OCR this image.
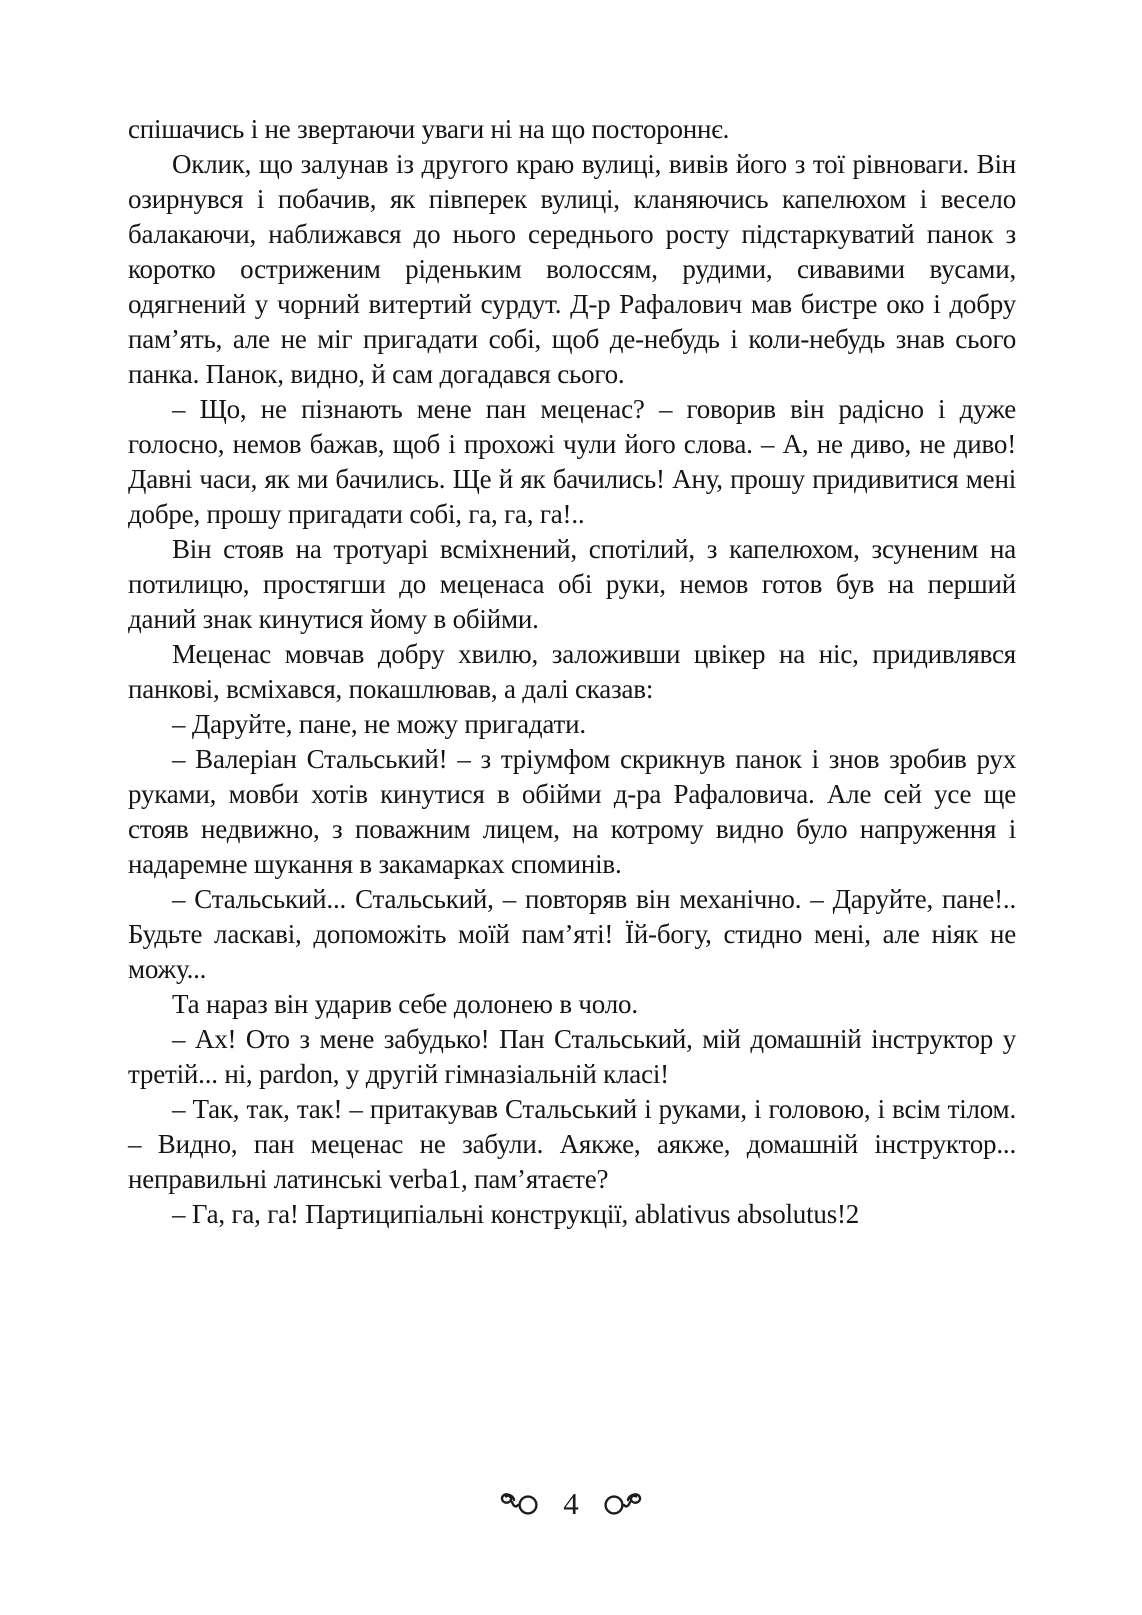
спішачись і не звертаючи уваги ні на що постороннє.

Оклик, що залунав із другого краю вулиці, вивів його з тої рівноваги. Він озирнувся і побачив, як півперек вулиці, кланяючись капелюхом і весело балакаючи, наближався до нього середнього росту підстаркуватий панок з коротко остриженим ріденьким волоссям, рудими, сивавими вусами, одягнений у чорний витертий сурдут. Д-р Рафалович мав бистре око і добру пам’ять, але не міг пригадати собі, щоб де-небудь і коли-небудь знав сього панка. Панок, видно, й сам догадався сього.

– Що, не пізнають мене пан меценас? – говорив він радісно і дуже голосно, немов бажав, щоб і прохожі чули його слова. – А, не диво, не диво! Давні часи, як ми бачились. Ще й як бачились! Ану, прошу придивитися мені добре, прошу пригадати собі, га, га, га!..

Він стояв на тротуарі всміхнений, спотілий, з капелюхом, зсуненим на потилицю, простягши до меценаса обі руки, немов готов був на перший даний знак кинутися йому в обійми.

Меценас мовчав добру хвилю, заложивши цвікер на ніс, придивлявся панкові, всміхався, покашлював, а далі сказав:

– Даруйте, пане, не можу пригадати.

– Валеріан Стальський! – з тріумфом скрикнув панок і знов зробив рух руками, мовби хотів кинутися в обійми д-ра Рафаловича. Але сей усе ще стояв недвижно, з поважним лицем, на котрому видно було напруження і надаремне шукання в закамарках споминів.

– Стальський... Стальський, – повторяв він механічно. – Даруйте, пане!.. Будьте ласкаві, допоможіть моїй пам’яті! Їй-богу, стидно мені, але ніяк не можу...

Та нараз він ударив себе долонею в чоло.

– Ах! Ото з мене забудько! Пан Стальський, мій домашній інструктор у третій... ні, pardon, у другій гімназіальній класі!

– Так, так, так! – притакував Стальський і руками, і головою, і всім тілом. – Видно, пан меценас не забули. Аякже, аякже, домашній інструктор... неправильні латинські verba1, пам’ятаєте?

– Га, га, га! Партиципіальні конструкції, ablativus absolutus!2

4
